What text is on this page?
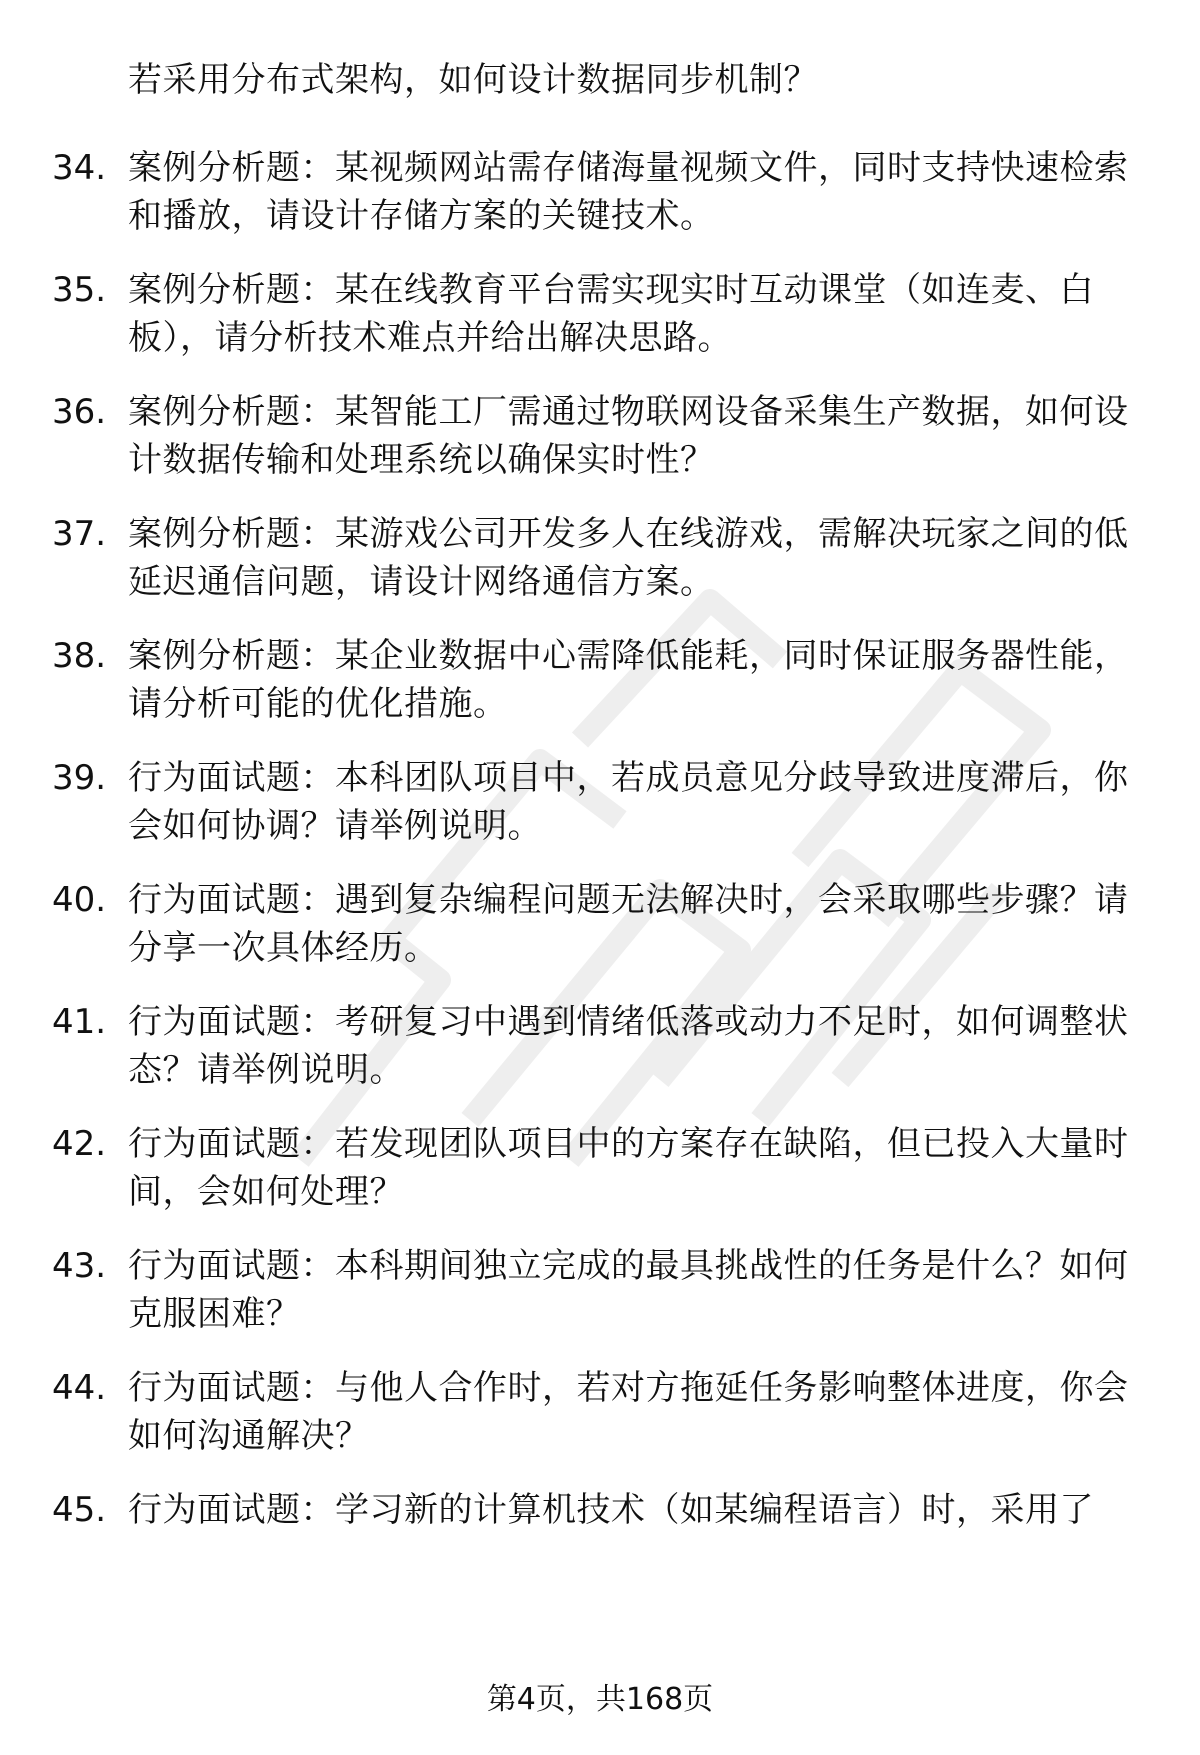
若采用分布式架构，如何设计数据同步机制？
34. 案例分析题：某视频网站需存储海量视频文件，同时支持快速检索和播放，请设计存储方案的关键技术。
35. 案例分析题：某在线教育平台需实现实时互动课堂（如连麦、白板），请分析技术难点并给出解决思路。
36. 案例分析题：某智能工厂需通过物联网设备采集生产数据，如何设计数据传输和处理系统以确保实时性？
37. 案例分析题：某游戏公司开发多人在线游戏，需解决玩家之间的低延迟通信问题，请设计网络通信方案。
38. 案例分析题：某企业数据中心需降低能耗，同时保证服务器性能，请分析可能的优化措施。
39. 行为面试题：本科团队项目中，若成员意见分歧导致进度滞后，你会如何协调？请举例说明。
40. 行为面试题：遇到复杂编程问题无法解决时，会采取哪些步骤？请分享一次具体经历。
41. 行为面试题：考研复习中遇到情绪低落或动力不足时，如何调整状态？请举例说明。
42. 行为面试题：若发现团队项目中的方案存在缺陷，但已投入大量时间，会如何处理？
43. 行为面试题：本科期间独立完成的最具挑战性的任务是什么？如何克服困难？
44. 行为面试题：与他人合作时，若对方拖延任务影响整体进度，你会如何沟通解决？
45. 行为面试题：学习新的计算机技术（如某编程语言）时，采用了
第4页，共168页
